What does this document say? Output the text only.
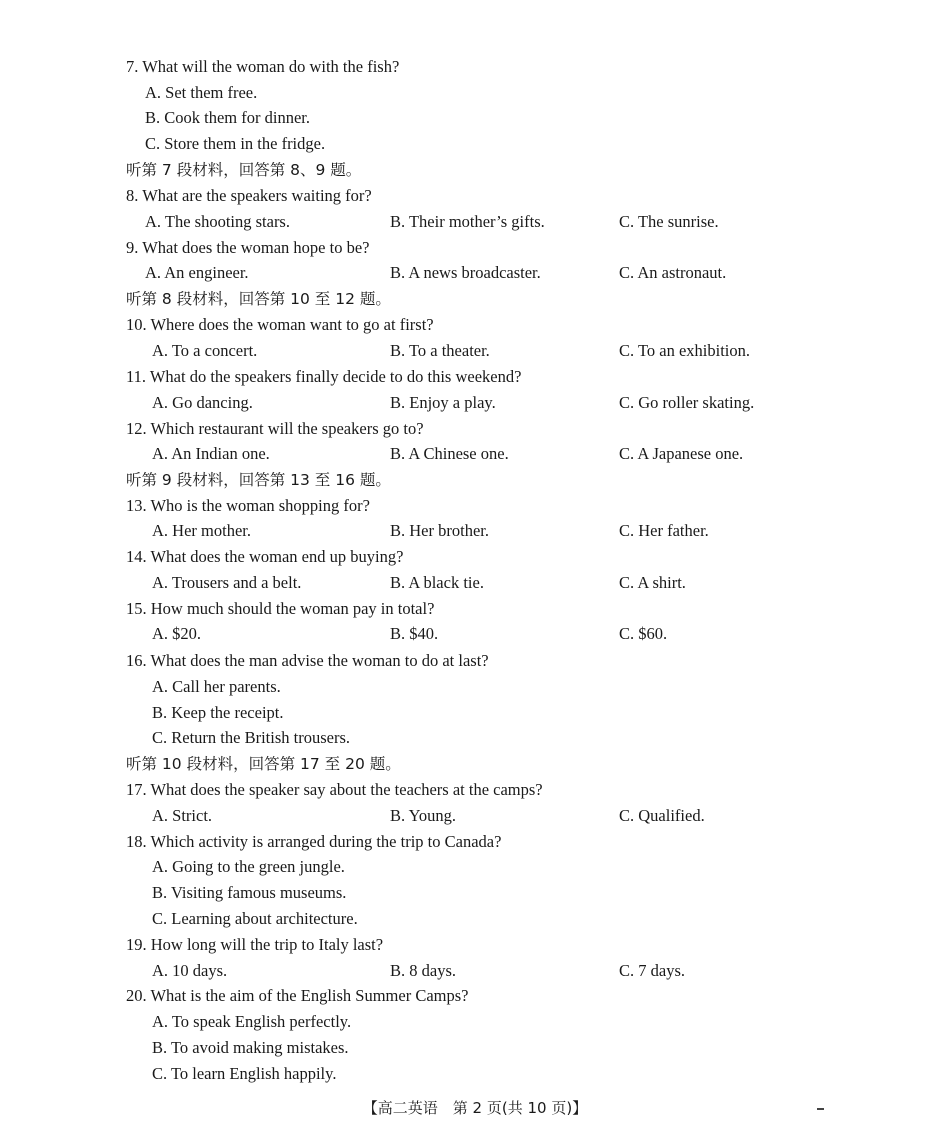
7. What will the woman do with the fish?
A. Set them free.
B. Cook them for dinner.
C. Store them in the fridge.
听第 7 段材料，回答第 8、9 题。
8. What are the speakers waiting for?
A. The shooting stars.	B. Their mother’s gifts.	C. The sunrise.
9. What does the woman hope to be?
A. An engineer.	B. A news broadcaster.	C. An astronaut.
听第 8 段材料，回答第 10 至 12 题。
10. Where does the woman want to go at first?
A. To a concert.	B. To a theater.	C. To an exhibition.
11. What do the speakers finally decide to do this weekend?
A. Go dancing.	B. Enjoy a play.	C. Go roller skating.
12. Which restaurant will the speakers go to?
A. An Indian one.	B. A Chinese one.	C. A Japanese one.
听第 9 段材料，回答第 13 至 16 题。
13. Who is the woman shopping for?
A. Her mother.	B. Her brother.	C. Her father.
14. What does the woman end up buying?
A. Trousers and a belt.	B. A black tie.	C. A shirt.
15. How much should the woman pay in total?
A. $20.	B. $40.	C. $60.
16. What does the man advise the woman to do at last?
A. Call her parents.
B. Keep the receipt.
C. Return the British trousers.
听第 10 段材料，回答第 17 至 20 题。
17. What does the speaker say about the teachers at the camps?
A. Strict.	B. Young.	C. Qualified.
18. Which activity is arranged during the trip to Canada?
A. Going to the green jungle.
B. Visiting famous museums.
C. Learning about architecture.
19. How long will the trip to Italy last?
A. 10 days.	B. 8 days.	C. 7 days.
20. What is the aim of the English Summer Camps?
A. To speak English perfectly.
B. To avoid making mistakes.
C. To learn English happily.
【高二英语　第 2 页(共 10 页)】
